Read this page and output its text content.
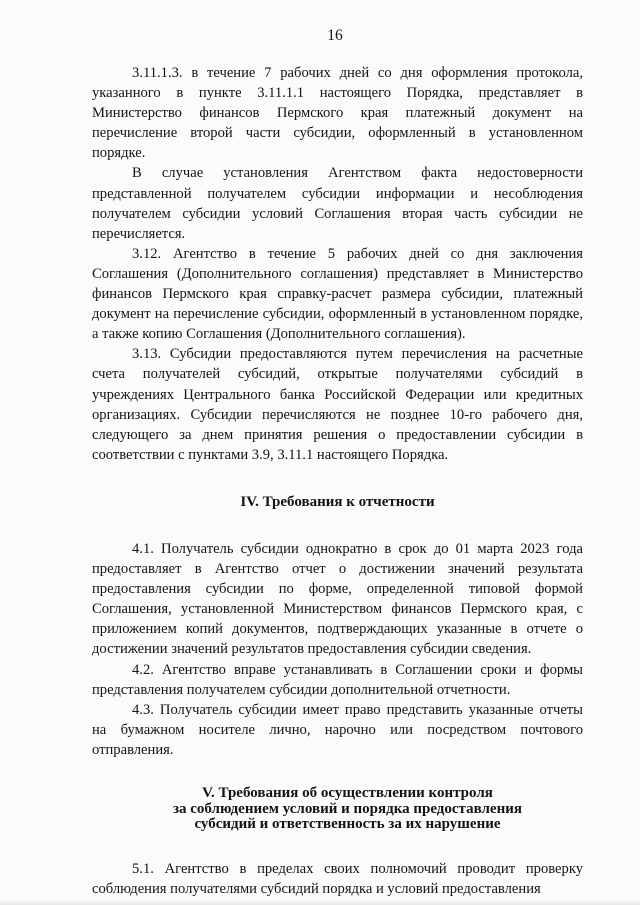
16

3.11.1.3. в течение 7 рабочих дней со дня оформления протокола, указанного в пункте 3.11.1.1 настоящего Порядка, представляет в Министерство финансов Пермского края платежный документ на перечисление второй части субсидии, оформленный в установленном порядке.

В случае установления Агентством факта недостоверности представленной получателем субсидии информации и несоблюдения получателем субсидии условий Соглашения вторая часть субсидии не перечисляется.

3.12. Агентство в течение 5 рабочих дней со дня заключения Соглашения (Дополнительного соглашения) представляет в Министерство финансов Пермского края справку-расчет размера субсидии, платежный документ на перечисление субсидии, оформленный в установленном порядке, а также копию Соглашения (Дополнительного соглашения).

3.13. Субсидии предоставляются путем перечисления на расчетные счета получателей субсидий, открытые получателями субсидий в учреждениях Центрального банка Российской Федерации или кредитных организациях. Субсидии перечисляются не позднее 10-го рабочего дня, следующего за днем принятия решения о предоставлении субсидии в соответствии с пунктами 3.9, 3.11.1 настоящего Порядка.

IV. Требования к отчетности

4.1. Получатель субсидии однократно в срок до 01 марта 2023 года предоставляет в Агентство отчет о достижении значений результата предоставления субсидии по форме, определенной типовой формой Соглашения, установленной Министерством финансов Пермского края, с приложением копий документов, подтверждающих указанные в отчете о достижении значений результатов предоставления субсидии сведения.

4.2. Агентство вправе устанавливать в Соглашении сроки и формы представления получателем субсидии дополнительной отчетности.

4.3. Получатель субсидии имеет право представить указанные отчеты на бумажном носителе лично, нарочно или посредством почтового отправления.

V. Требования об осуществлении контроля
за соблюдением условий и порядка предоставления
субсидий и ответственность за их нарушение

5.1. Агентство в пределах своих полномочий проводит проверку соблюдения получателями субсидий порядка и условий предоставления
